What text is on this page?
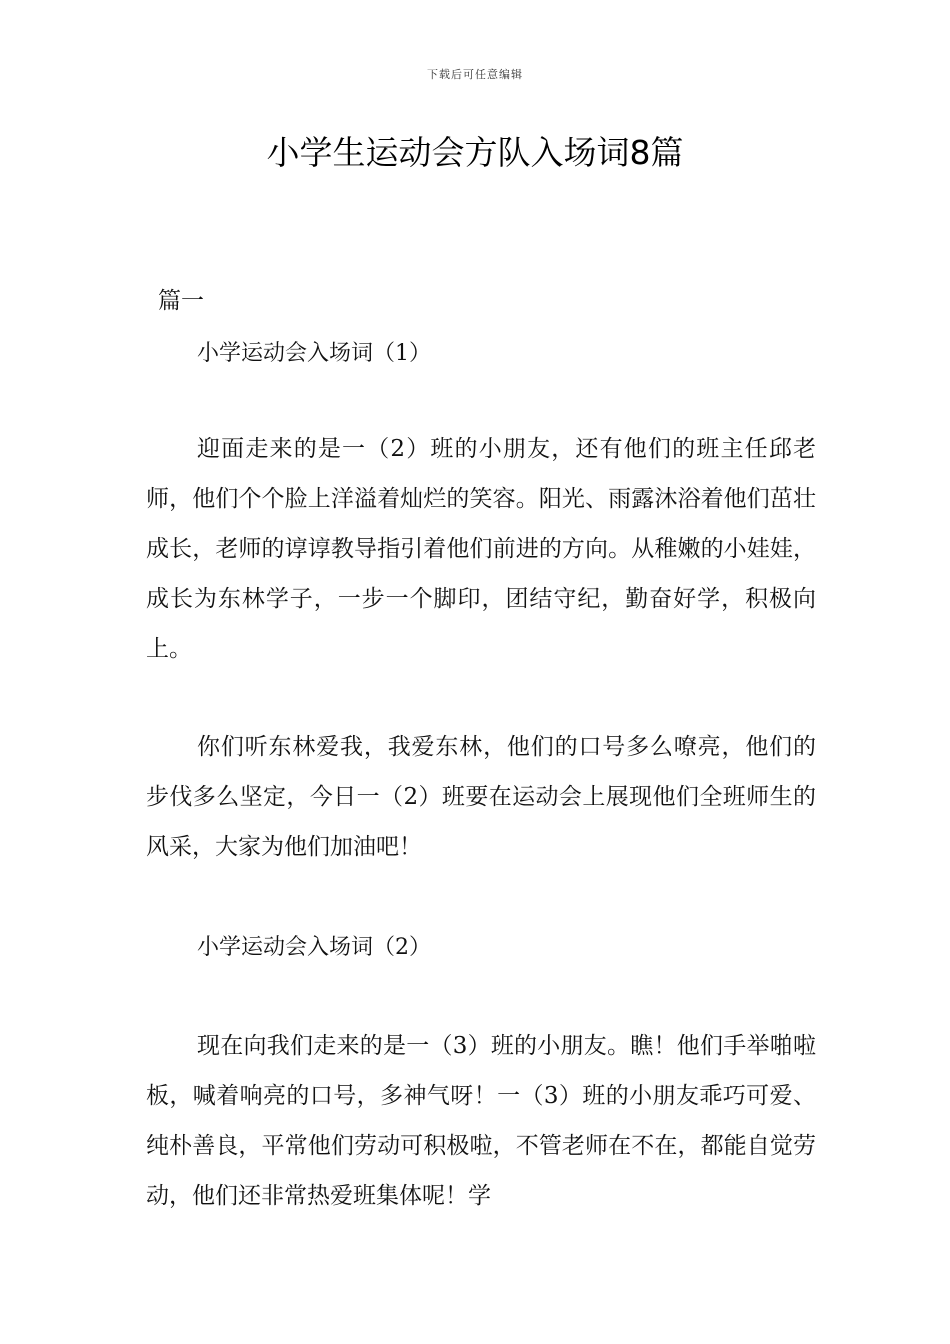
下载后可任意编辑
小学生运动会方队入场词8篇
篇一
小学运动会入场词（1）

迎面走来的是一（2）班的小朋友，还有他们的班主任邱老师，他们个个脸上洋溢着灿烂的笑容。阳光、雨露沐浴着他们茁壮成长，老师的谆谆教导指引着他们前进的方向。从稚嫩的小娃娃，成长为东林学子，一步一个脚印，团结守纪，勤奋好学，积极向上。

你们听东林爱我，我爱东林，他们的口号多么嘹亮，他们的步伐多么坚定，今日一（2）班要在运动会上展现他们全班师生的风采，大家为他们加油吧！

小学运动会入场词（2）

现在向我们走来的是一（3）班的小朋友。瞧！他们手举啪啦板，喊着响亮的口号，多神气呀！一（3）班的小朋友乖巧可爱、纯朴善良，平常他们劳动可积极啦，不管老师在不在，都能自觉劳动，他们还非常热爱班集体呢！学
